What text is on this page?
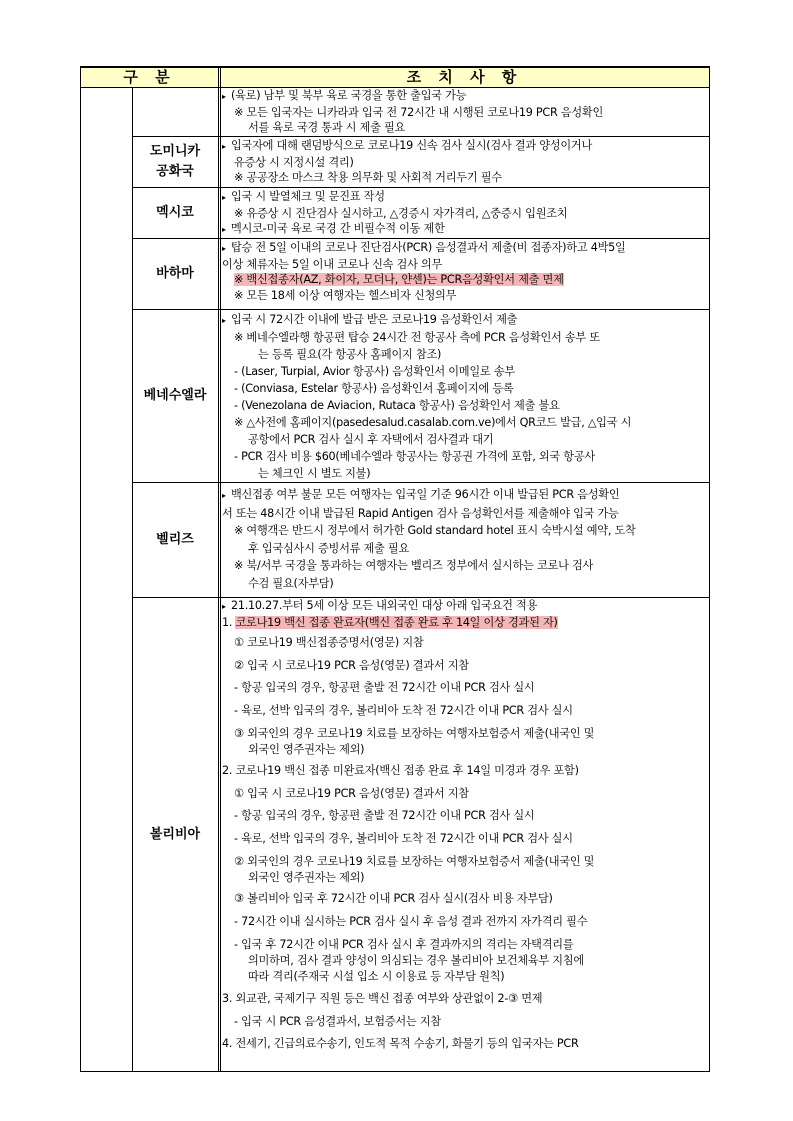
구 분	조 치 사 항
▸ (육로) 남부 및 북부 육로 국경을 통한 출입국 가능
※ 모든 입국자는 니카라과 입국 전 72시간 내 시행된 코로나19 PCR 음성확인
서를 육로 국경 통과 시 제출 필요
도미니카
공화국
▸ 입국자에 대해 랜덤방식으로 코로나19 신속 검사 실시(검사 결과 양성이거나
유증상 시 지정시설 격리)
※ 공공장소 마스크 착용 의무화 및 사회적 거리두기 필수
멕시코
▸ 입국 시 발열체크 및 문진표 작성
※ 유증상 시 진단검사 실시하고, △경증시 자가격리, △중증시 입원조치
▸ 멕시코-미국 육로 국경 간 비필수적 이동 제한
바하마
▸ 탑승 전 5일 이내의 코로나 진단검사(PCR) 음성결과서 제출(비 접종자)하고 4박5일
이상 체류자는 5일 이내 코로나 신속 검사 의무
※ 백신접종자(AZ, 화이자, 모더나, 얀센)는 PCR음성확인서 제출 면제
※ 모든 18세 이상 여행자는 헬스비자 신청의무
베네수엘라
▸ 입국 시 72시간 이내에 발급 받은 코로나19 음성확인서 제출
※ 베네수엘라행 항공편 탑승 24시간 전 항공사 측에 PCR 음성확인서 송부 또
는 등록 필요(각 항공사 홈페이지 참조)
- (Laser, Turpial, Avior 항공사) 음성확인서 이메일로 송부
- (Conviasa, Estelar 항공사) 음성확인서 홈페이지에 등록
- (Venezolana de Aviacion, Rutaca 항공사) 음성확인서 제출 불요
※ △사전에 홈페이지(pasedesalud.casalab.com.ve)에서 QR코드 발급, △입국 시
공항에서 PCR 검사 실시 후 자택에서 검사결과 대기
- PCR 검사 비용 $60(베네수엘라 항공사는 항공권 가격에 포함, 외국 항공사
는 체크인 시 별도 지불)
벨리즈
▸ 백신접종 여부 불문 모든 여행자는 입국일 기준 96시간 이내 발급된 PCR 음성확인
서 또는 48시간 이내 발급된 Rapid Antigen 검사 음성확인서를 제출해야 입국 가능
※ 여행객은 반드시 정부에서 허가한 Gold standard hotel 표시 숙박시설 예약, 도착
후 입국심사시 증빙서류 제출 필요
※ 북/서부 국경을 통과하는 여행자는 벨리즈 정부에서 실시하는 코로나 검사
수검 필요(자부담)
볼리비아
▸ 21.10.27.부터 5세 이상 모든 내외국인 대상 아래 입국요건 적용
1. 코로나19 백신 접종 완료자(백신 접종 완료 후 14일 이상 경과된 자)
① 코로나19 백신접종증명서(영문) 지참
② 입국 시 코로나19 PCR 음성(영문) 결과서 지참
- 항공 입국의 경우, 항공편 출발 전 72시간 이내 PCR 검사 실시
- 육로, 선박 입국의 경우, 볼리비아 도착 전 72시간 이내 PCR 검사 실시
③ 외국인의 경우 코로나19 치료를 보장하는 여행자보험증서 제출(내국인 및
외국인 영주권자는 제외)
2. 코로나19 백신 접종 미완료자(백신 접종 완료 후 14일 미경과 경우 포함)
① 입국 시 코로나19 PCR 음성(영문) 결과서 지참
- 항공 입국의 경우, 항공편 출발 전 72시간 이내 PCR 검사 실시
- 육로, 선박 입국의 경우, 볼리비아 도착 전 72시간 이내 PCR 검사 실시
② 외국인의 경우 코로나19 치료를 보장하는 여행자보험증서 제출(내국인 및
외국인 영주권자는 제외)
③ 볼리비아 입국 후 72시간 이내 PCR 검사 실시(검사 비용 자부담)
- 72시간 이내 실시하는 PCR 검사 실시 후 음성 결과 전까지 자가격리 필수
- 입국 후 72시간 이내 PCR 검사 실시 후 결과까지의 격리는 자택격리를
의미하며, 검사 결과 양성이 의심되는 경우 볼리비아 보건체육부 지침에
따라 격리(주재국 시설 입소 시 이용료 등 자부담 원칙)
3. 외교관, 국제기구 직원 등은 백신 접종 여부와 상관없이 2-③ 면제
- 입국 시 PCR 음성결과서, 보험증서는 지참
4. 전세기, 긴급의료수송기, 인도적 목적 수송기, 화물기 등의 입국자는 PCR
